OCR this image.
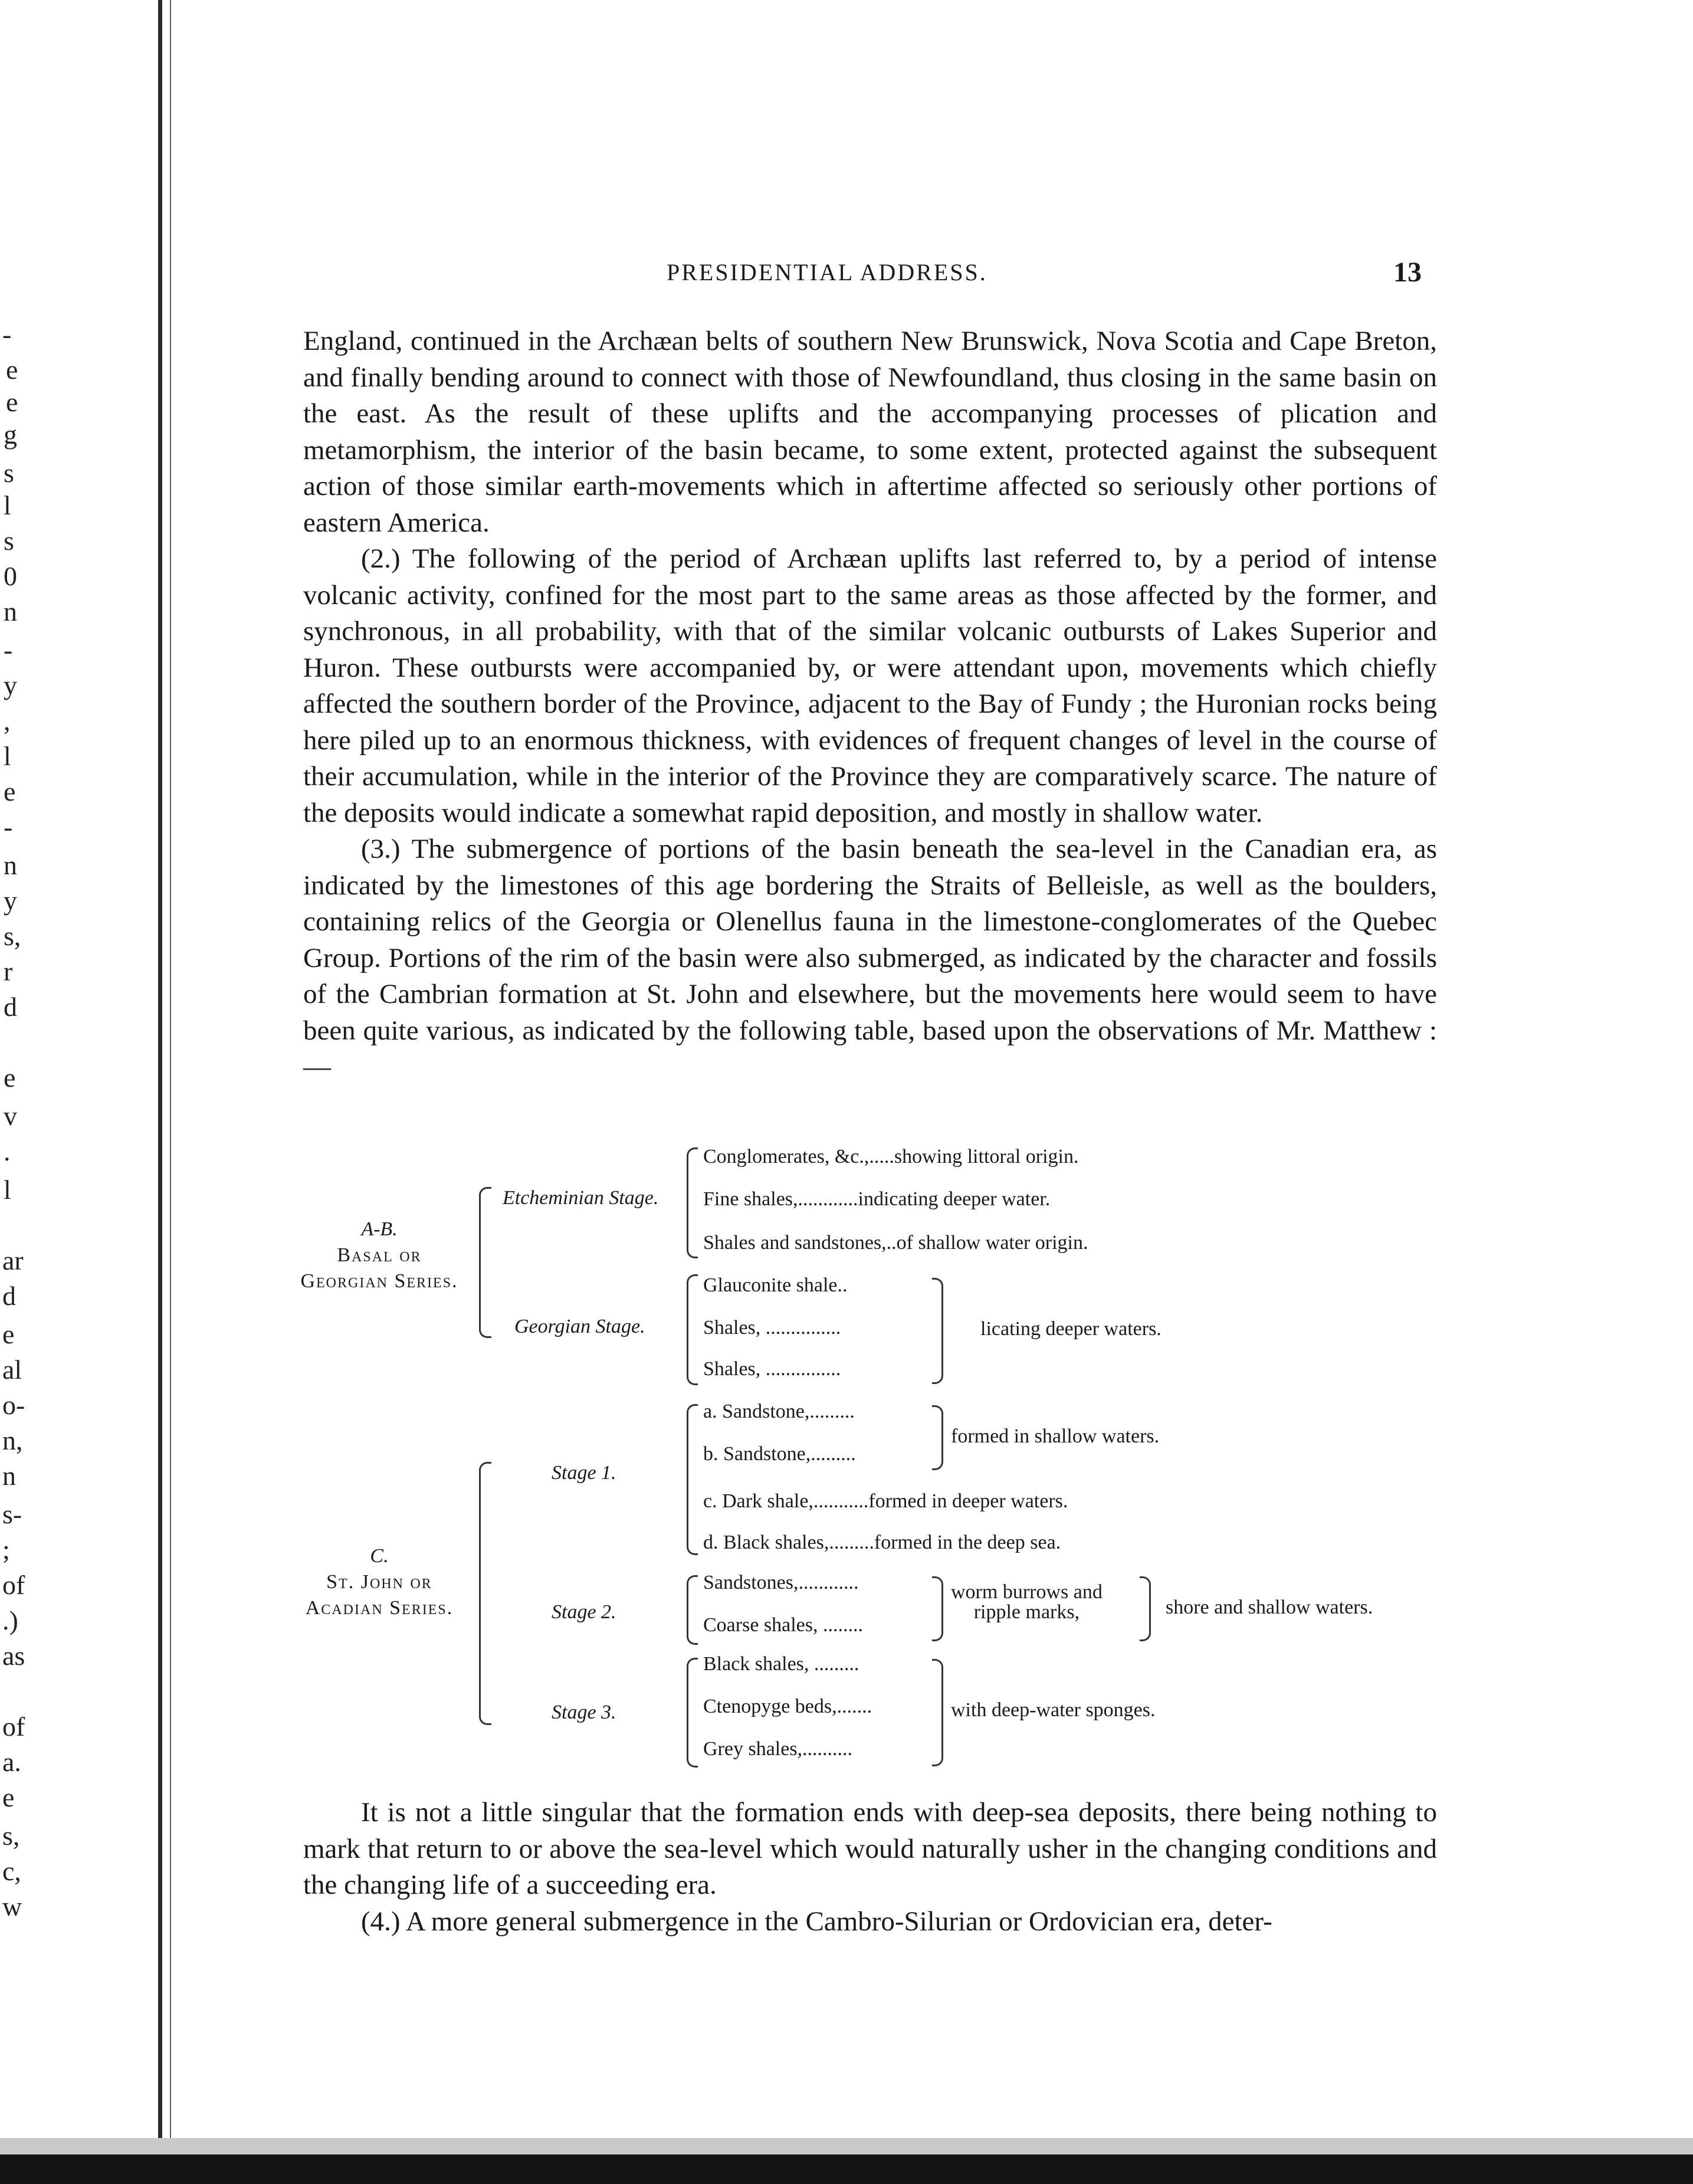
-
e
e
g
s
l
s
0
n
-
y
,
l
e
-
n
y
s,
r
d
e
v
.
l
ar
d
e
al
o-
n,
n
s-
;
of
.)
as
of
a.
e
s,
c,
w
PRESIDENTIAL ADDRESS.	13

England, continued in the Archæan belts of southern New Brunswick, Nova Scotia and Cape Breton, and finally bending around to connect with those of Newfoundland, thus closing in the same basin on the east. As the result of these uplifts and the accompanying processes of plication and metamorphism, the interior of the basin became, to some extent, protected against the subsequent action of those similar earth-movements which in aftertime affected so seriously other portions of eastern America.

(2.) The following of the period of Archæan uplifts last referred to, by a period of intense volcanic activity, confined for the most part to the same areas as those affected by the former, and synchronous, in all probability, with that of the similar volcanic outbursts of Lakes Superior and Huron. These outbursts were accompanied by, or were attendant upon, movements which chiefly affected the southern border of the Province, adjacent to the Bay of Fundy ; the Huronian rocks being here piled up to an enormous thickness, with evidences of frequent changes of level in the course of their accumulation, while in the interior of the Province they are comparatively scarce. The nature of the deposits would indicate a somewhat rapid deposition, and mostly in shallow water.

(3.) The submergence of portions of the basin beneath the sea-level in the Canadian era, as indicated by the limestones of this age bordering the Straits of Belleisle, as well as the boulders, containing relics of the Georgia or Olenellus fauna in the limestone-conglomerates of the Quebec Group. Portions of the rim of the basin were also submerged, as indicated by the character and fossils of the Cambrian formation at St. John and elsewhere, but the movements here would seem to have been quite various, as indicated by the following table, based upon the observations of Mr. Matthew :—

A-B.
Basal or
Georgian Series.
Etcheminian Stage.
Conglomerates, &c.,.....showing littoral origin.
Fine shales,............indicating deeper water.
Shales and sandstones,..of shallow water origin.
Georgian Stage.
Glauconite shale..
Shales, ...............
Shales, ...............
licating deeper waters.
C.
St. John or
Acadian Series.
Stage 1.
a. Sandstone,.........
b. Sandstone,.........
formed in shallow waters.
c. Dark shale,...........formed in deeper waters.
d. Black shales,.........formed in the deep sea.
Stage 2.
Sandstones,............
Coarse shales, ........
worm burrows and
ripple marks,	shore and shallow waters.
Stage 3.
Black shales, .........
Ctenopyge beds,.......
Grey shales,..........
with deep-water sponges.

It is not a little singular that the formation ends with deep-sea deposits, there being nothing to mark that return to or above the sea-level which would naturally usher in the changing conditions and the changing life of a succeeding era.

(4.) A more general submergence in the Cambro-Silurian or Ordovician era, deter-
